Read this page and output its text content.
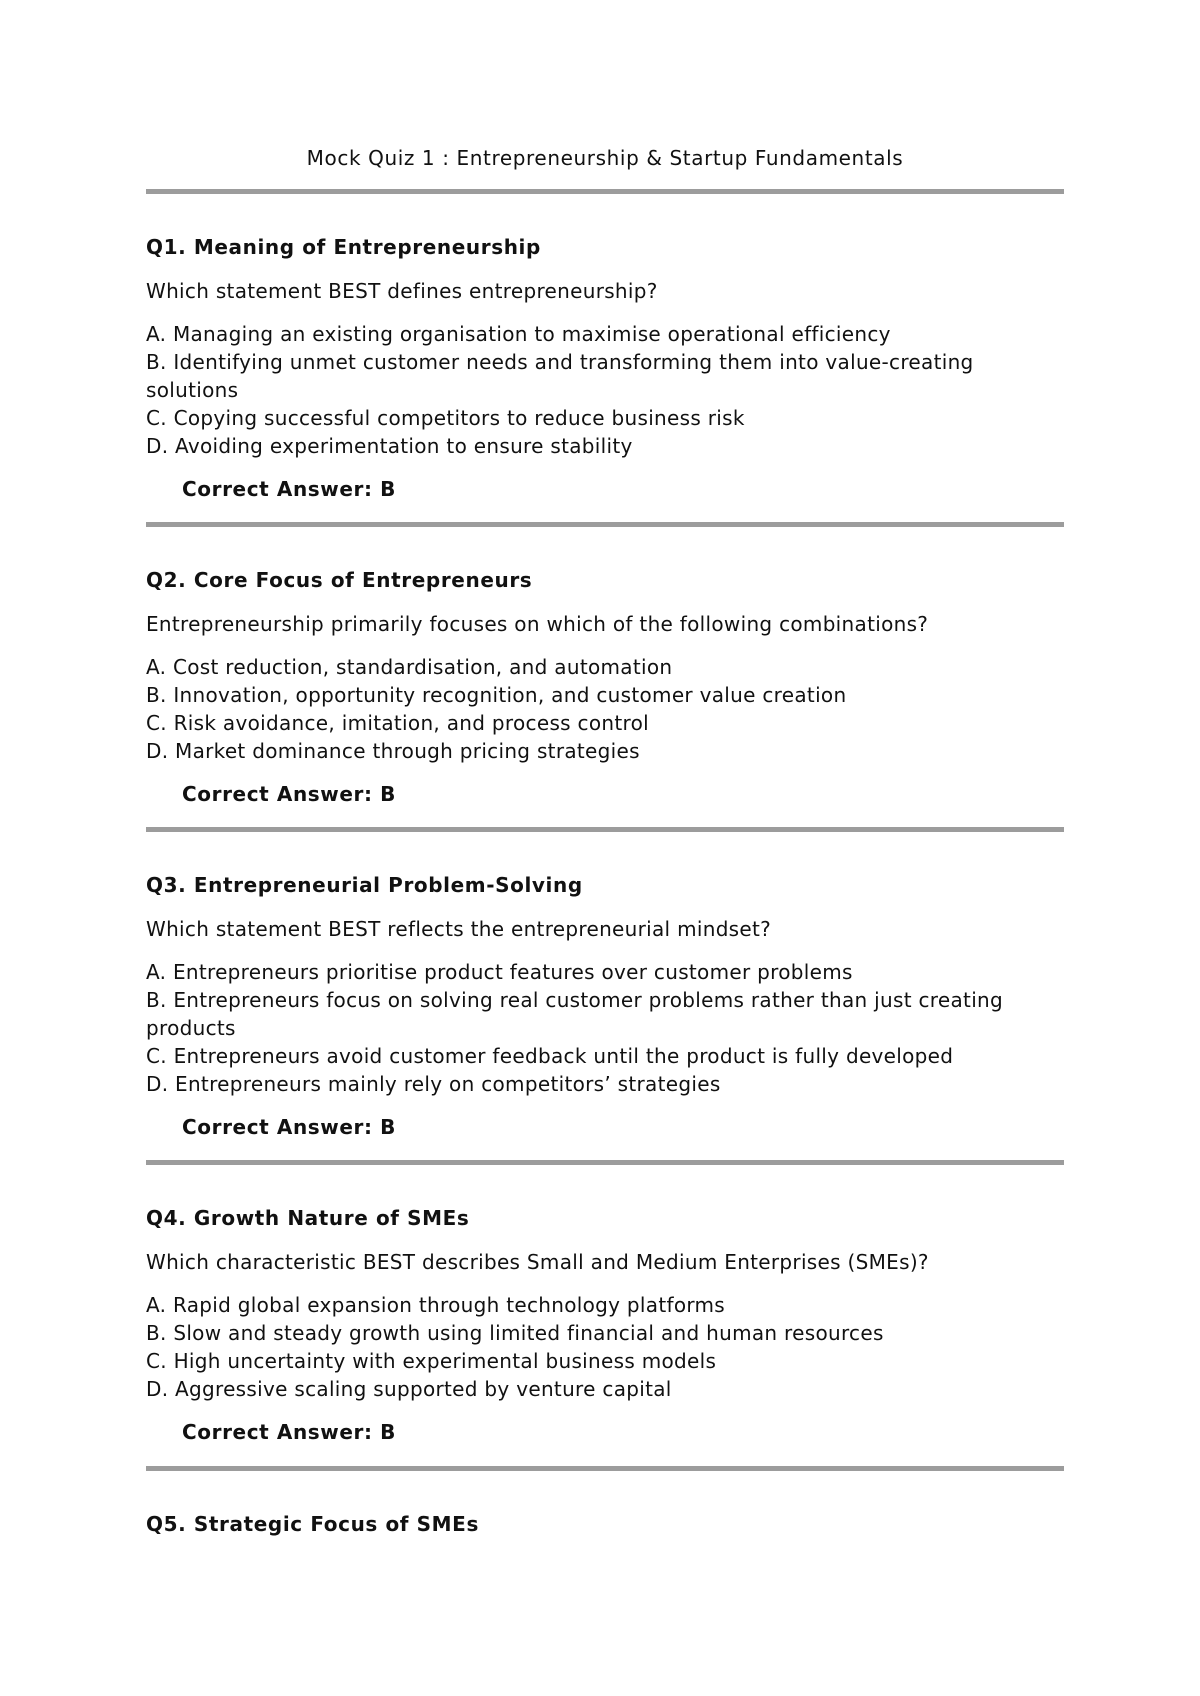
Mock Quiz 1 : Entrepreneurship & Startup Fundamentals
Q1. Meaning of Entrepreneurship

Which statement BEST defines entrepreneurship?

A. Managing an existing organisation to maximise operational efficiency
B. Identifying unmet customer needs and transforming them into value-creating solutions
C. Copying successful competitors to reduce business risk
D. Avoiding experimentation to ensure stability

Correct Answer: B

Q2. Core Focus of Entrepreneurs

Entrepreneurship primarily focuses on which of the following combinations?

A. Cost reduction, standardisation, and automation
B. Innovation, opportunity recognition, and customer value creation
C. Risk avoidance, imitation, and process control
D. Market dominance through pricing strategies

Correct Answer: B

Q3. Entrepreneurial Problem-Solving

Which statement BEST reflects the entrepreneurial mindset?

A. Entrepreneurs prioritise product features over customer problems
B. Entrepreneurs focus on solving real customer problems rather than just creating products
C. Entrepreneurs avoid customer feedback until the product is fully developed
D. Entrepreneurs mainly rely on competitors’ strategies

Correct Answer: B

Q4. Growth Nature of SMEs

Which characteristic BEST describes Small and Medium Enterprises (SMEs)?

A. Rapid global expansion through technology platforms
B. Slow and steady growth using limited financial and human resources
C. High uncertainty with experimental business models
D. Aggressive scaling supported by venture capital

Correct Answer: B

Q5. Strategic Focus of SMEs
